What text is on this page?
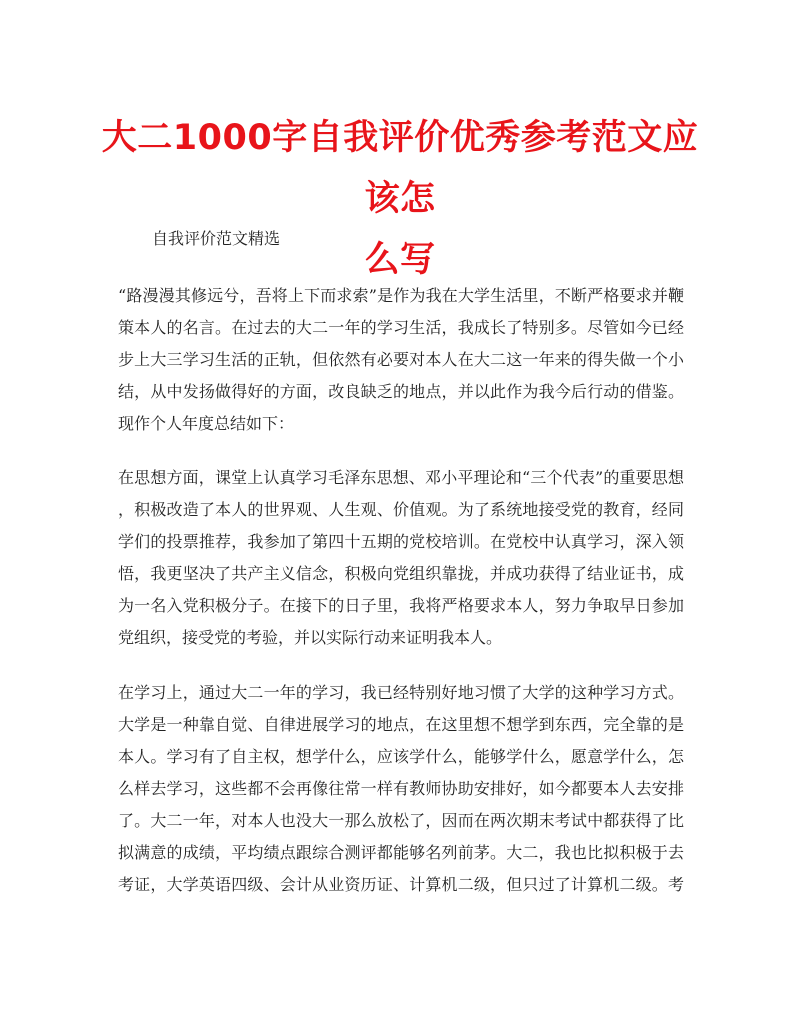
大二1000字自我评价优秀参考范文应该怎
么写
自我评价范文精选
“路漫漫其修远兮，吾将上下而求索”是作为我在大学生活里，不断严格要求并鞭
策本人的名言。在过去的大二一年的学习生活，我成长了特别多。尽管如今已经
步上大三学习生活的正轨，但依然有必要对本人在大二这一年来的得失做一个小
结，从中发扬做得好的方面，改良缺乏的地点，并以此作为我今后行动的借鉴。
现作个人年度总结如下：
在思想方面，课堂上认真学习毛泽东思想、邓小平理论和“三个代表”的重要思想
，积极改造了本人的世界观、人生观、价值观。为了系统地接受党的教育，经同
学们的投票推荐，我参加了第四十五期的党校培训。在党校中认真学习，深入领
悟，我更坚决了共产主义信念，积极向党组织靠拢，并成功获得了结业证书，成
为一名入党积极分子。在接下的日子里，我将严格要求本人，努力争取早日参加
党组织，接受党的考验，并以实际行动来证明我本人。
在学习上，通过大二一年的学习，我已经特别好地习惯了大学的这种学习方式。
大学是一种靠自觉、自律进展学习的地点，在这里想不想学到东西，完全靠的是
本人。学习有了自主权，想学什么，应该学什么，能够学什么，愿意学什么，怎
么样去学习，这些都不会再像往常一样有教师协助安排好，如今都要本人去安排
了。大二一年，对本人也没大一那么放松了，因而在两次期末考试中都获得了比
拟满意的成绩，平均绩点跟综合测评都能够名列前茅。大二，我也比拟积极于去
考证，大学英语四级、会计从业资历证、计算机二级，但只过了计算机二级。考
